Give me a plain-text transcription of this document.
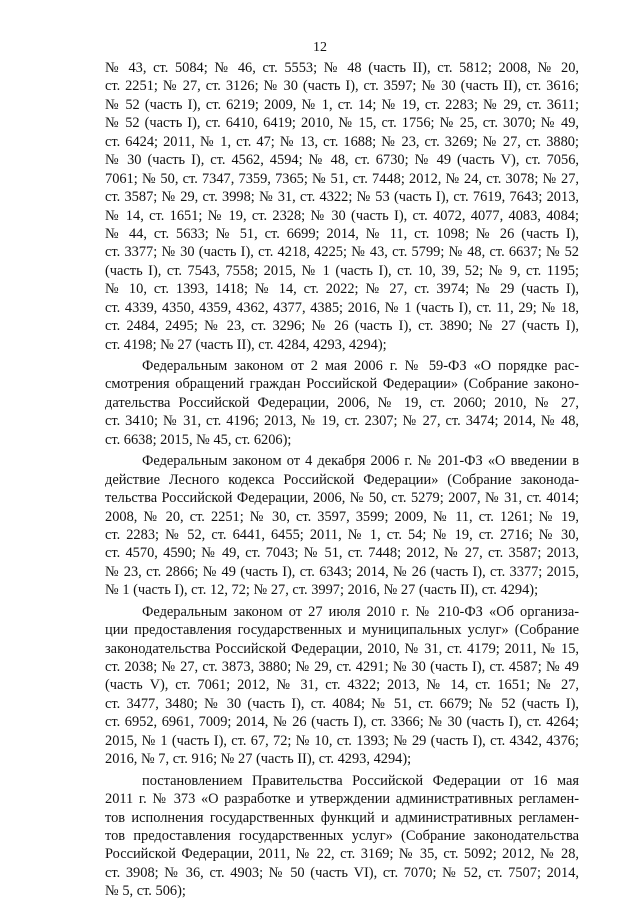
12
№ 43, ст. 5084; № 46, ст. 5553; № 48 (часть II), ст. 5812; 2008, № 20,
ст. 2251; № 27, ст. 3126; № 30 (часть I), ст. 3597; № 30 (часть II), ст. 3616;
№ 52 (часть I), ст. 6219; 2009, № 1, ст. 14; № 19, ст. 2283; № 29, ст. 3611;
№ 52 (часть I), ст. 6410, 6419; 2010, № 15, ст. 1756; № 25, ст. 3070; № 49,
ст. 6424; 2011, № 1, ст. 47; № 13, ст. 1688; № 23, ст. 3269; № 27, ст. 3880;
№ 30 (часть I), ст. 4562, 4594; № 48, ст. 6730; № 49 (часть V), ст. 7056,
7061; № 50, ст. 7347, 7359, 7365; № 51, ст. 7448; 2012, № 24, ст. 3078; № 27,
ст. 3587; № 29, ст. 3998; № 31, ст. 4322; № 53 (часть I), ст. 7619, 7643; 2013,
№ 14, ст. 1651; № 19, ст. 2328; № 30 (часть I), ст. 4072, 4077, 4083, 4084;
№ 44, ст. 5633; № 51, ст. 6699; 2014, № 11, ст. 1098; № 26 (часть I),
ст. 3377; № 30 (часть I), ст. 4218, 4225; № 43, ст. 5799; № 48, ст. 6637; № 52
(часть I), ст. 7543, 7558; 2015, № 1 (часть I), ст. 10, 39, 52; № 9, ст. 1195;
№ 10, ст. 1393, 1418; № 14, ст. 2022; № 27, ст. 3974; № 29 (часть I),
ст. 4339, 4350, 4359, 4362, 4377, 4385; 2016, № 1 (часть I), ст. 11, 29; № 18,
ст. 2484, 2495; № 23, ст. 3296; № 26 (часть I), ст. 3890; № 27 (часть I),
ст. 4198; № 27 (часть II), ст. 4284, 4293, 4294);
Федеральным законом от 2 мая 2006 г. № 59-ФЗ «О порядке рас-
смотрения обращений граждан Российской Федерации» (Собрание законо-
дательства Российской Федерации, 2006, № 19, ст. 2060; 2010, № 27,
ст. 3410; № 31, ст. 4196; 2013, № 19, ст. 2307; № 27, ст. 3474; 2014, № 48,
ст. 6638; 2015, № 45, ст. 6206);
Федеральным законом от 4 декабря 2006 г. № 201-ФЗ «О введении в
действие Лесного кодекса Российской Федерации» (Собрание законода-
тельства Российской Федерации, 2006, № 50, ст. 5279; 2007, № 31, ст. 4014;
2008, № 20, ст. 2251; № 30, ст. 3597, 3599; 2009, № 11, ст. 1261; № 19,
ст. 2283; № 52, ст. 6441, 6455; 2011, № 1, ст. 54; № 19, ст. 2716; № 30,
ст. 4570, 4590; № 49, ст. 7043; № 51, ст. 7448; 2012, № 27, ст. 3587; 2013,
№ 23, ст. 2866; № 49 (часть I), ст. 6343; 2014, № 26 (часть I), ст. 3377; 2015,
№ 1 (часть I), ст. 12, 72; № 27, ст. 3997; 2016, № 27 (часть II), ст. 4294);
Федеральным законом от 27 июля 2010 г. № 210-ФЗ «Об организа-
ции предоставления государственных и муниципальных услуг» (Собрание
законодательства Российской Федерации, 2010, № 31, ст. 4179; 2011, № 15,
ст. 2038; № 27, ст. 3873, 3880; № 29, ст. 4291; № 30 (часть I), ст. 4587; № 49
(часть V), ст. 7061; 2012, № 31, ст. 4322; 2013, № 14, ст. 1651; № 27,
ст. 3477, 3480; № 30 (часть I), ст. 4084; № 51, ст. 6679; № 52 (часть I),
ст. 6952, 6961, 7009; 2014, № 26 (часть I), ст. 3366; № 30 (часть I), ст. 4264;
2015, № 1 (часть I), ст. 67, 72; № 10, ст. 1393; № 29 (часть I), ст. 4342, 4376;
2016, № 7, ст. 916; № 27 (часть II), ст. 4293, 4294);
постановлением Правительства Российской Федерации от 16 мая
2011 г. № 373 «О разработке и утверждении административных регламен-
тов исполнения государственных функций и административных регламен-
тов предоставления государственных услуг» (Собрание законодательства
Российской Федерации, 2011, № 22, ст. 3169; № 35, ст. 5092; 2012, № 28,
ст. 3908; № 36, ст. 4903; № 50 (часть VI), ст. 7070; № 52, ст. 7507; 2014,
№ 5, ст. 506);
